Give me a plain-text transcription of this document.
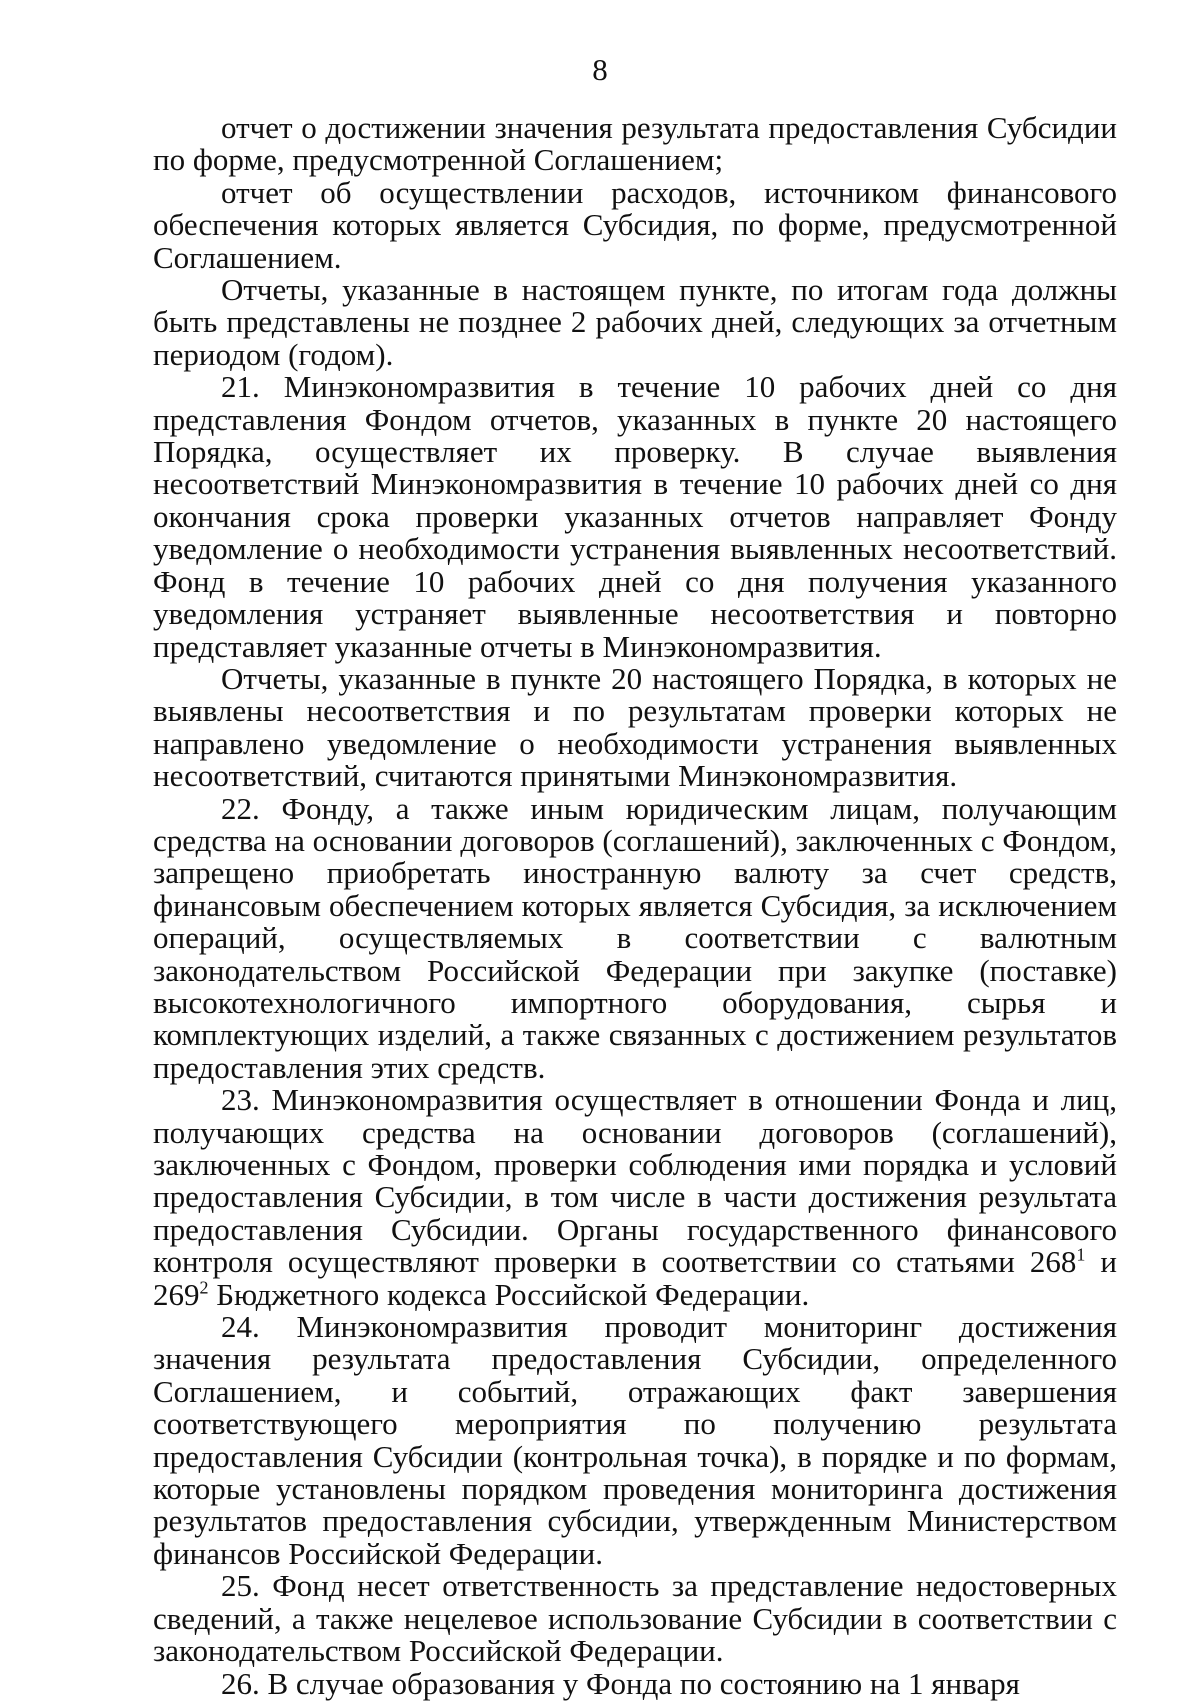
8

отчет о достижении значения результата предоставления Субсидии по форме, предусмотренной Соглашением;

отчет об осуществлении расходов, источником финансового обеспечения которых является Субсидия, по форме, предусмотренной Соглашением.

Отчеты, указанные в настоящем пункте, по итогам года должны быть представлены не позднее 2 рабочих дней, следующих за отчетным периодом (годом).

21. Минэкономразвития в течение 10 рабочих дней со дня представления Фондом отчетов, указанных в пункте 20 настоящего Порядка, осуществляет их проверку. В случае выявления несоответствий Минэкономразвития в течение 10 рабочих дней со дня окончания срока проверки указанных отчетов направляет Фонду уведомление о необходимости устранения выявленных несоответствий. Фонд в течение 10 рабочих дней со дня получения указанного уведомления устраняет выявленные несоответствия и повторно представляет указанные отчеты в Минэкономразвития.

Отчеты, указанные в пункте 20 настоящего Порядка, в которых не выявлены несоответствия и по результатам проверки которых не направлено уведомление о необходимости устранения выявленных несоответствий, считаются принятыми Минэкономразвития.

22. Фонду, а также иным юридическим лицам, получающим средства на основании договоров (соглашений), заключенных с Фондом, запрещено приобретать иностранную валюту за счет средств, финансовым обеспечением которых является Субсидия, за исключением операций, осуществляемых в соответствии с валютным законодательством Российской Федерации при закупке (поставке) высокотехнологичного импортного оборудования, сырья и комплектующих изделий, а также связанных с достижением результатов предоставления этих средств.

23. Минэкономразвития осуществляет в отношении Фонда и лиц, получающих средства на основании договоров (соглашений), заключенных с Фондом, проверки соблюдения ими порядка и условий предоставления Субсидии, в том числе в части достижения результата предоставления Субсидии. Органы государственного финансового контроля осуществляют проверки в соответствии со статьями $268^1$ и $269^2$ Бюджетного кодекса Российской Федерации.

24. Минэкономразвития проводит мониторинг достижения значения результата предоставления Субсидии, определенного Соглашением, и событий, отражающих факт завершения соответствующего мероприятия по получению результата предоставления Субсидии (контрольная точка), в порядке и по формам, которые установлены порядком проведения мониторинга достижения результатов предоставления субсидии, утвержденным Министерством финансов Российской Федерации.

25. Фонд несет ответственность за представление недостоверных сведений, а также нецелевое использование Субсидии в соответствии с законодательством Российской Федерации.

26. В случае образования у Фонда по состоянию на 1 января
